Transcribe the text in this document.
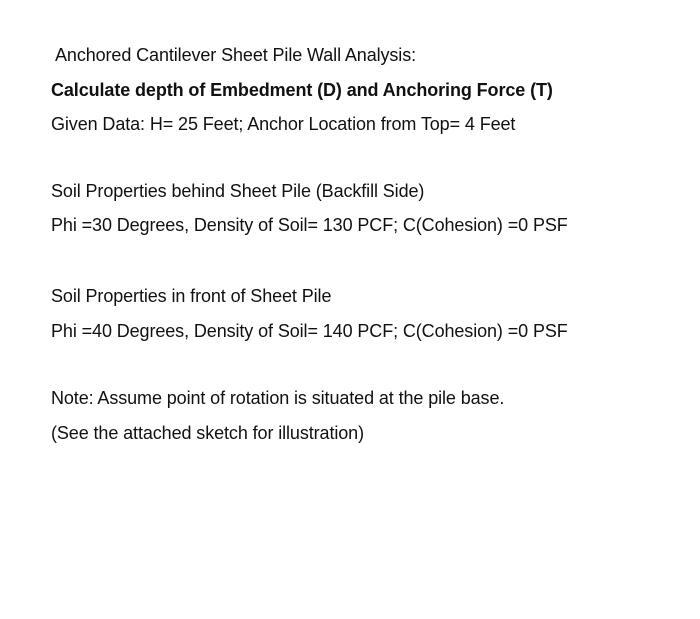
Anchored Cantilever Sheet Pile Wall Analysis:
Calculate depth of Embedment (D) and Anchoring Force (T)
Given Data: H= 25 Feet; Anchor Location from Top= 4 Feet
Soil Properties behind Sheet Pile (Backfill Side)
Phi =30 Degrees, Density of Soil= 130 PCF; C(Cohesion) =0 PSF
Soil Properties in front of Sheet Pile
Phi =40 Degrees, Density of Soil= 140 PCF; C(Cohesion) =0 PSF
Note: Assume point of rotation is situated at the pile base.
(See the attached sketch for illustration)
